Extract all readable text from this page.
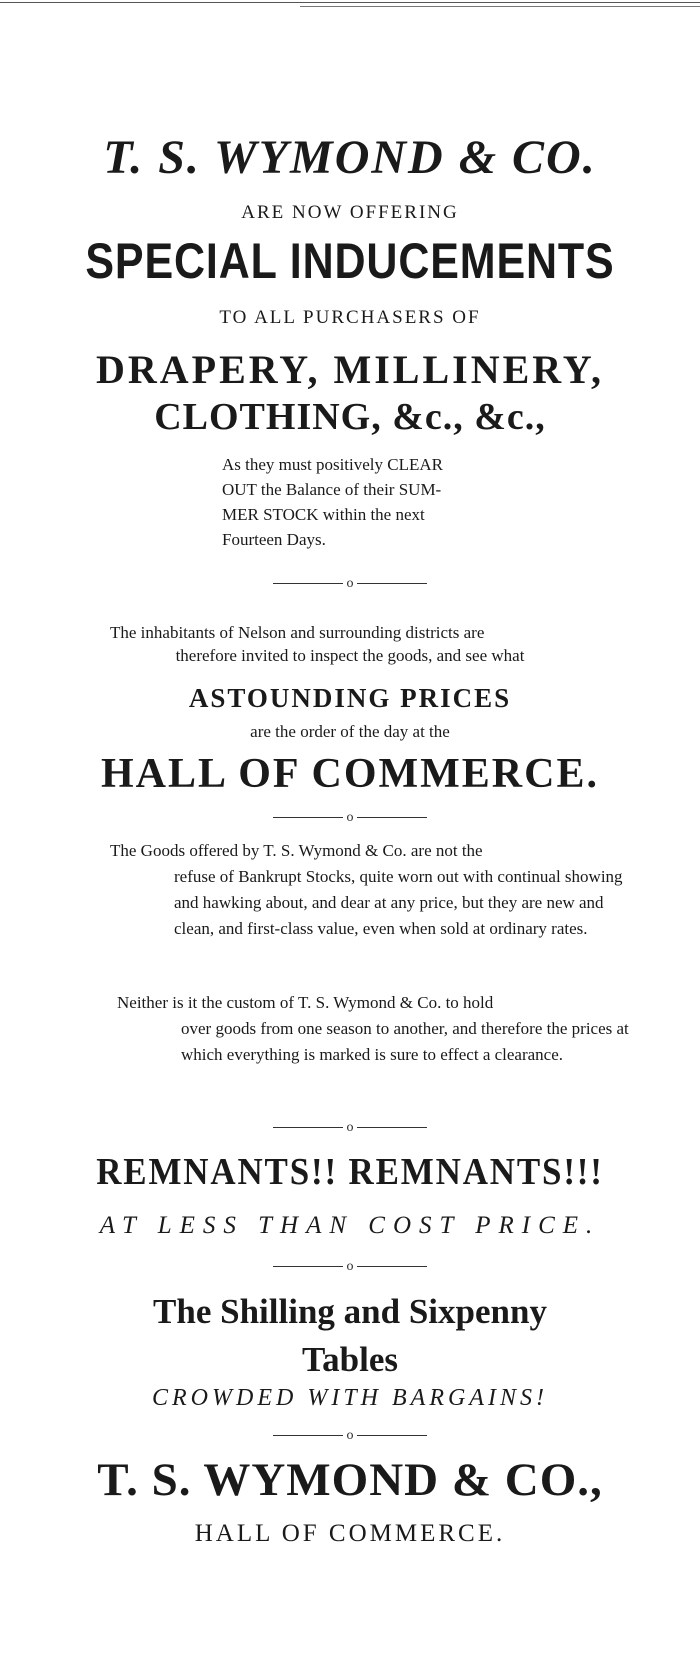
T. S. WYMOND & CO.
ARE NOW OFFERING
SPECIAL INDUCEMENTS
TO ALL PURCHASERS OF
DRAPERY, MILLINERY,
CLOTHING, &c., &c.,
As they must positively CLEAR
OUT the Balance of their SUM-
MER STOCK within the next
Fourteen Days.
o
The inhabitants of Nelson and surrounding districts are
therefore invited to inspect the goods, and see what
ASTOUNDING PRICES
are the order of the day at the
HALL OF COMMERCE.
o
The Goods offered by T. S. Wymond & Co. are not the
refuse of Bankrupt Stocks, quite worn out with continual showing and hawking about, and dear at any price, but they are new and clean, and first-class value, even when sold at ordinary rates.
Neither is it the custom of T. S. Wymond & Co. to hold
over goods from one season to another, and therefore the prices at which everything is marked is sure to effect a clearance.
o
REMNANTS!! REMNANTS!!!
AT LESS THAN COST PRICE.
o
The Shilling and Sixpenny
Tables
CROWDED WITH BARGAINS!
o
T. S. WYMOND & CO.,
HALL OF COMMERCE.
